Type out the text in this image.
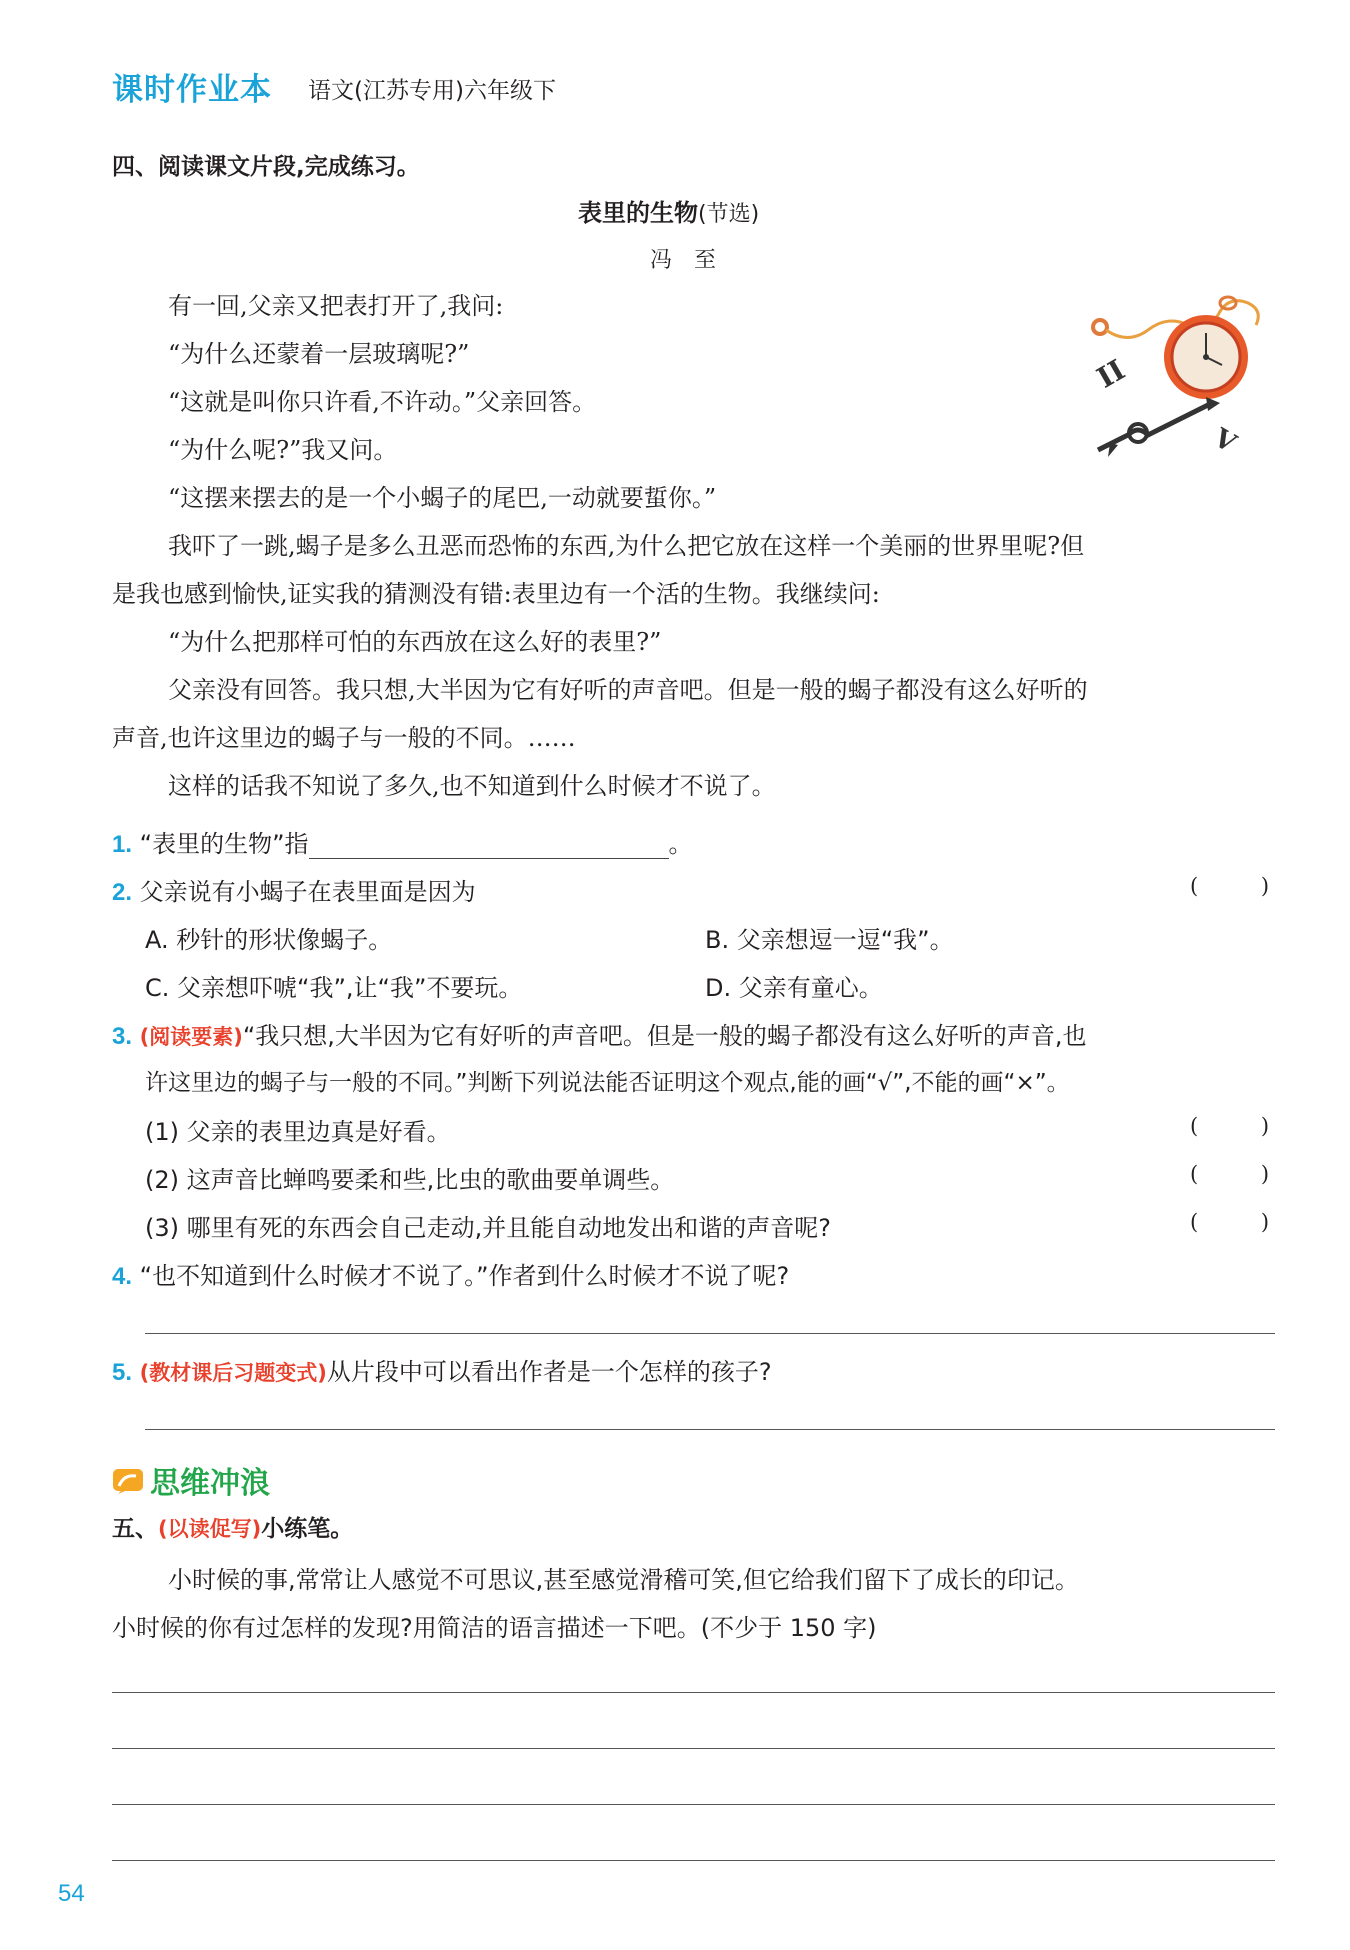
课时作业本 语文(江苏专用)六年级下
四、阅读课文片段,完成练习。
表里的生物(节选)
冯至
II
V
有一回,父亲又把表打开了,我问:
“为什么还蒙着一层玻璃呢?”
“这就是叫你只许看,不许动。”父亲回答。
“为什么呢?”我又问。
“这摆来摆去的是一个小蝎子的尾巴,一动就要蜇你。”
我吓了一跳,蝎子是多么丑恶而恐怖的东西,为什么把它放在这样一个美丽的世界里呢?但
是我也感到愉快,证实我的猜测没有错:表里边有一个活的生物。我继续问:
“为什么把那样可怕的东西放在这么好的表里?”
父亲没有回答。我只想,大半因为它有好听的声音吧。但是一般的蝎子都没有这么好听的
声音,也许这里边的蝎子与一般的不同。……
这样的话我不知说了多久,也不知道到什么时候才不说了。
1. “表里的生物”指	。
2. 父亲说有小蝎子在表里面是因为	( )
A. 秒针的形状像蝎子。	B. 父亲想逗一逗“我”。
C. 父亲想吓唬“我”,让“我”不要玩。	D. 父亲有童心。
3. (阅读要素)“我只想,大半因为它有好听的声音吧。但是一般的蝎子都没有这么好听的声音,也
许这里边的蝎子与一般的不同。”判断下列说法能否证明这个观点,能的画“√”,不能的画“×”。
(1) 父亲的表里边真是好看。	( )
(2) 这声音比蝉鸣要柔和些,比虫的歌曲要单调些。	( )
(3) 哪里有死的东西会自己走动,并且能自动地发出和谐的声音呢?	( )
4. “也不知道到什么时候才不说了。”作者到什么时候才不说了呢?
5. (教材课后习题变式)从片段中可以看出作者是一个怎样的孩子?
思维冲浪
五、(以读促写)小练笔。
小时候的事,常常让人感觉不可思议,甚至感觉滑稽可笑,但它给我们留下了成长的印记。
小时候的你有过怎样的发现?用简洁的语言描述一下吧。(不少于 150 字)
54
